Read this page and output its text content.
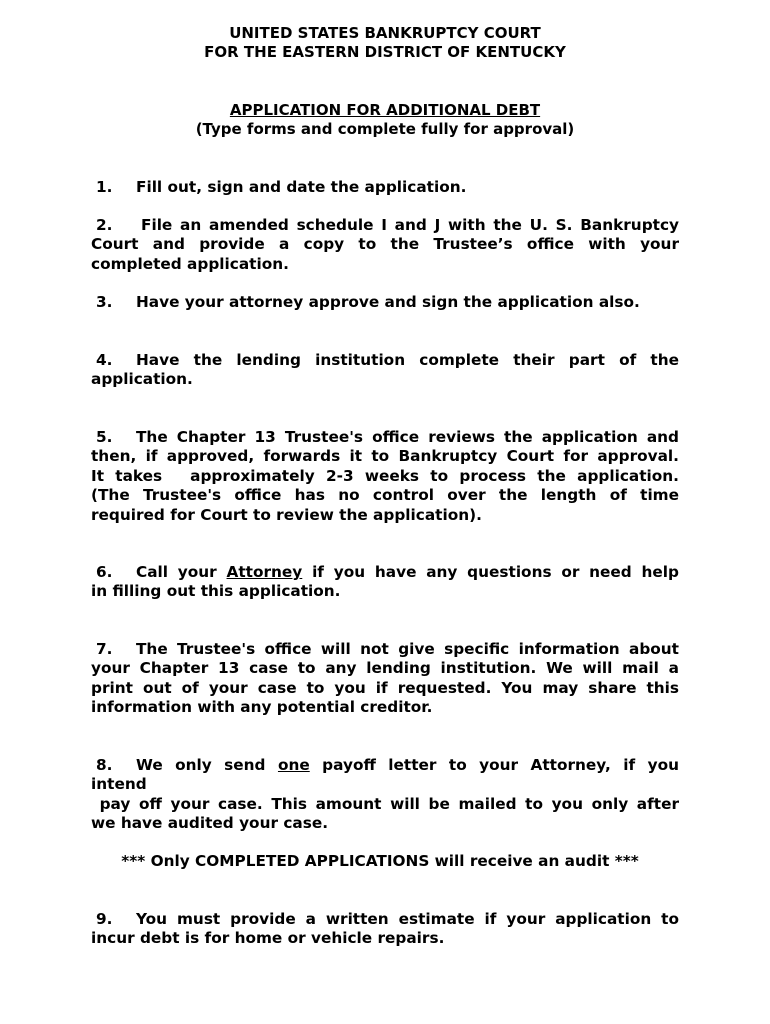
UNITED STATES BANKRUPTCY COURT
FOR THE EASTERN DISTRICT OF KENTUCKY
APPLICATION FOR ADDITIONAL DEBT
(Type forms and complete fully for approval)
1. Fill out, sign and date the application.
2. File an amended schedule I and J with the U. S. Bankruptcy
Court and provide a copy to the Trustee’s office with your
completed application.
3. Have your attorney approve and sign the application also.
4. Have the lending institution complete their part of the
application.
5. The Chapter 13 Trustee's office reviews the application and
then, if approved, forwards it to Bankruptcy Court for approval.
It takes approximately 2-3 weeks to process the application.
(The Trustee's office has no control over the length of time
required for Court to review the application).
6. Call your Attorney if you have any questions or need help
in filling out this application.
7. The Trustee's office will not give specific information about
your Chapter 13 case to any lending institution. We will mail a
print out of your case to you if requested. You may share this
information with any potential creditor.
8. We only send one payoff letter to your Attorney, if you
intend
pay off your case. This amount will be mailed to you only after
we have audited your case.
*** Only COMPLETED APPLICATIONS will receive an audit ***
9. You must provide a written estimate if your application to
incur debt is for home or vehicle repairs.
